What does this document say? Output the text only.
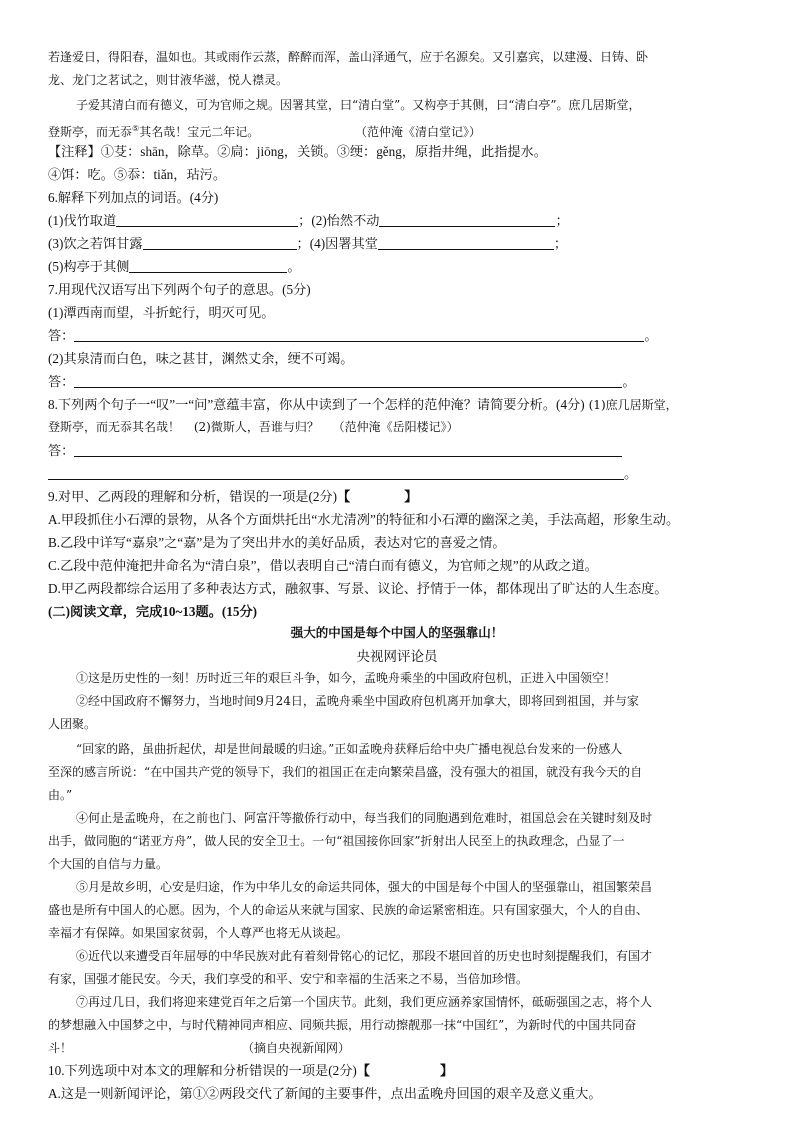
若逢爱日，得阳春，温如也。其或雨作云蒸，醉醉而浑，盖山泽通气，应于名源矣。又引嘉宾，以建漫、日铸、卧
龙、龙门之茗试之，则甘液华滋，悦人襟灵。
子爱其清白而有德义，可为官师之规。因署其堂，曰“清白堂”。又构亭于其侧，曰“清白亭”。庶几居斯堂，
登斯亭，而无忝⑤其名哉！宝元二年记。	（范仲淹《清白堂记》）
【注释】①芟：shān，除草。②扃：jiōng，关锁。③绠：gěng，原指井绳，此指提水。
④饵：吃。⑤忝：tiǎn，玷污。
6.解释下列加点的词语。(4分)
(1)伐竹取道	；(2)怡然不动	；
(3)饮之若饵甘露	；(4)因署其堂	；
(5)构亭于其侧	。
7.用现代汉语写出下列两个句子的意思。(5分)
(1)潭西南而望，斗折蛇行，明灭可见。
答：	。
(2)其泉清而白色，味之甚甘，渊然丈余，绠不可竭。
答：	。
8.下列两个句子一“叹”一“问”意蕴丰富，你从中读到了一个怎样的范仲淹？请简要分析。(4分) (1)庶几居斯堂，
登斯亭，而无忝其名哉！ (2)微斯人，吾谁与归？ （范仲淹《岳阳楼记》）
答：
。
9.对甲、乙两段的理解和分析，错误的一项是(2分)【	】
A.甲段抓住小石潭的景物，从各个方面烘托出“水尤清冽”的特征和小石潭的幽深之美，手法高超，形象生动。
B.乙段中详写“嘉泉”之“嘉”是为了突出井水的美好品质，表达对它的喜爱之情。
C.乙段中范仲淹把井命名为“清白泉”，借以表明自己“清白而有德义，为官师之规”的从政之道。
D.甲乙两段都综合运用了多种表达方式，融叙事、写景、议论、抒情于一体，都体现出了旷达的人生态度。
(二)阅读文章，完成10~13题。(15分)
强大的中国是每个中国人的坚强靠山！
央视网评论员
①这是历史性的一刻！历时近三年的艰巨斗争，如今，孟晚舟乘坐的中国政府包机，正进入中国领空！
②经中国政府不懈努力，当地时间9月24日，孟晚舟乘坐中国政府包机离开加拿大，即将回到祖国，并与家
人团聚。
“回家的路，虽曲折起伏，却是世间最暖的归途。”正如孟晚舟获释后给中央广播电视总台发来的一份感人
至深的感言所说：“在中国共产党的领导下，我们的祖国正在走向繁荣昌盛，没有强大的祖国，就没有我今天的自
由。”
④何止是孟晚舟，在之前也门、阿富汗等撤侨行动中，每当我们的同胞遇到危难时，祖国总会在关键时刻及时
出手，做同胞的“诺亚方舟”，做人民的安全卫士。一句“祖国接你回家”折射出人民至上的执政理念，凸显了一
个大国的自信与力量。
⑤月是故乡明，心安是归途，作为中华儿女的命运共同体，强大的中国是每个中国人的坚强靠山，祖国繁荣昌
盛也是所有中国人的心愿。因为，个人的命运从来就与国家、民族的命运紧密相连。只有国家强大，个人的自由、
幸福才有保障。如果国家贫弱，个人尊严也将无从谈起。
⑥近代以来遭受百年屈辱的中华民族对此有着刻骨铭心的记忆，那段不堪回首的历史也时刻提醒我们，有国才
有家，国强才能民安。今天，我们享受的和平、安宁和幸福的生活来之不易，当倍加珍惜。
⑦再过几日，我们将迎来建党百年之后第一个国庆节。此刻，我们更应涵养家国情怀，砥砺强国之志，将个人
的梦想融入中国梦之中，与时代精神同声相应、同频共振，用行动擦靓那一抹“中国红”，为新时代的中国共同奋
斗！	（摘自央视新闻网）
10.下列选项中对本文的理解和分析错误的一项是(2分)【	】
A.这是一则新闻评论，第①②两段交代了新闻的主要事件，点出孟晚舟回国的艰辛及意义重大。
